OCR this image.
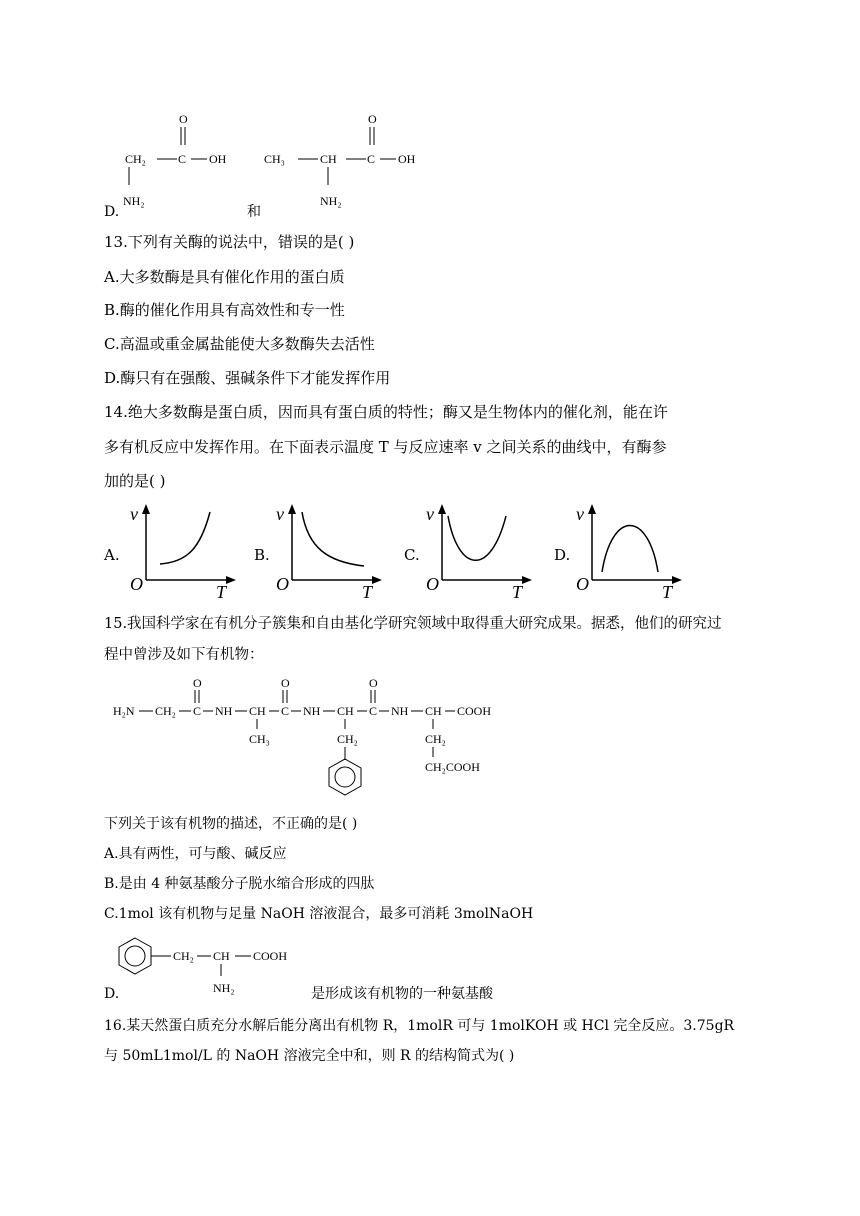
O
CH₂	C OH
NH₂
D.	和
O
CH₃	CH	C OH
NH₂
13.下列有关酶的说法中，错误的是( )
A.大多数酶是具有催化作用的蛋白质
B.酶的催化作用具有高效性和专一性
C.高温或重金属盐能使大多数酶失去活性
D.酶只有在强酸、强碱条件下才能发挥作用
14.绝大多数酶是蛋白质，因而具有蛋白质的特性；酶又是生物体内的催化剂，能在许
多有机反应中发挥作用。在下面表示温度 T 与反应速率 v 之间关系的曲线中，有酶参
加的是( )
A.
v
O	T
B.
v
O	T
C.
v
O	T
D.
v
O	T
15.我国科学家在有机分子簇集和自由基化学研究领域中取得重大研究成果。据悉，他们的研究过
程中曾涉及如下有机物：
H₂N CH₂ C
O
NH CH
CH₃
C
O
NH CH
CH₂
C
O
NH CH
CH₂
CH₂COOH
COOH
下列关于该有机物的描述，不正确的是( )
A.具有两性，可与酸、碱反应
B.是由 4 种氨基酸分子脱水缩合形成的四肽
C.1mol 该有机物与足量 NaOH 溶液混合，最多可消耗 3molNaOH
D.
CH₂ CH
NH₂
COOH
是形成该有机物的一种氨基酸
16.某天然蛋白质充分水解后能分离出有机物 R，1molR 可与 1molKOH 或 HCl 完全反应。3.75gR
与 50mL1mol/L 的 NaOH 溶液完全中和，则 R 的结构简式为( )
